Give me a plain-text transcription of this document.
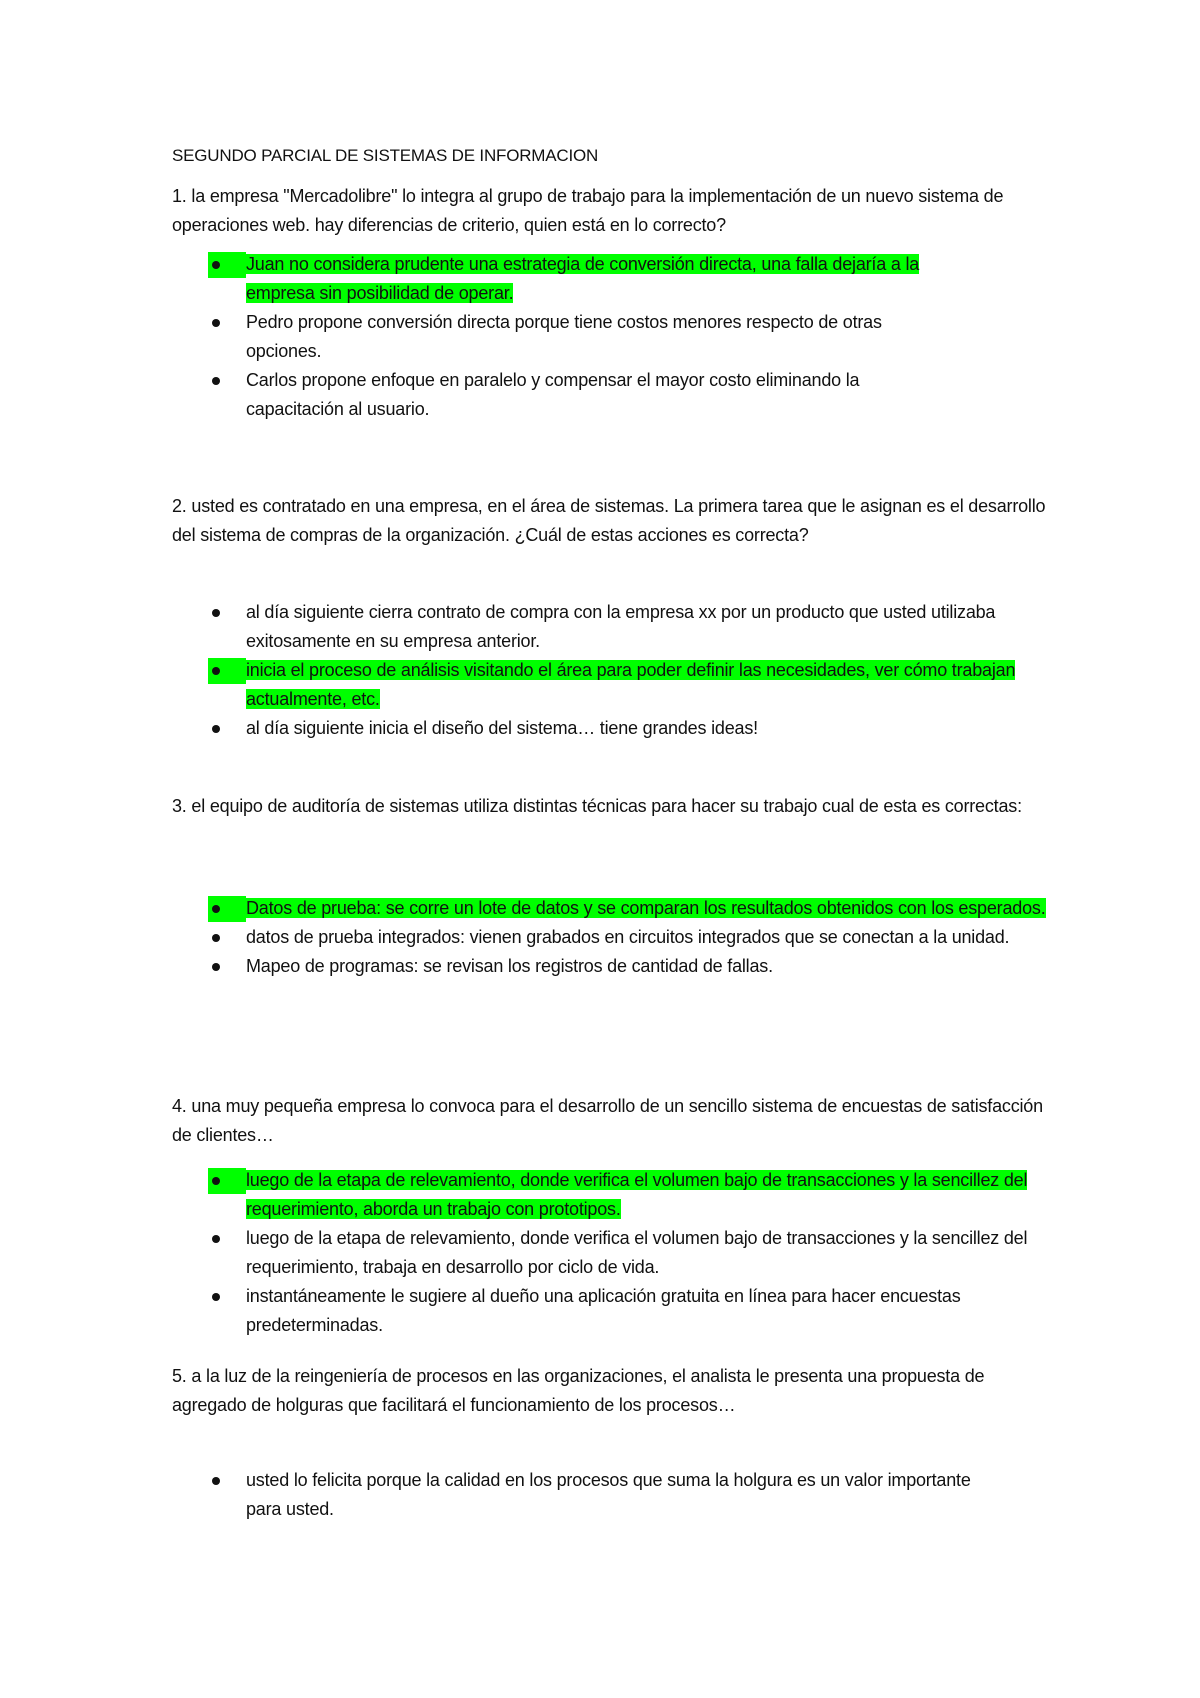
SEGUNDO PARCIAL DE SISTEMAS DE INFORMACION

1. la empresa "Mercadolibre" lo integra al grupo de trabajo para la implementación de un nuevo sistema de operaciones web. hay diferencias de criterio, quien está en lo correcto?

Juan no considera prudente una estrategia de conversión directa, una falla dejaría a la empresa sin posibilidad de operar.
Pedro propone conversión directa porque tiene costos menores respecto de otras opciones.
Carlos propone enfoque en paralelo y compensar el mayor costo eliminando la capacitación al usuario.

2. usted es contratado en una empresa, en el área de sistemas. La primera tarea que le asignan es el desarrollo del sistema de compras de la organización. ¿Cuál de estas acciones es correcta?

al día siguiente cierra contrato de compra con la empresa xx por un producto que usted utilizaba exitosamente en su empresa anterior.
inicia el proceso de análisis visitando el área para poder definir las necesidades, ver cómo trabajan actualmente, etc.
al día siguiente inicia el diseño del sistema… tiene grandes ideas!

3. el equipo de auditoría de sistemas utiliza distintas técnicas para hacer su trabajo cual de esta es correctas:

Datos de prueba: se corre un lote de datos y se comparan los resultados obtenidos con los esperados.
datos de prueba integrados: vienen grabados en circuitos integrados que se conectan a la unidad.
Mapeo de programas: se revisan los registros de cantidad de fallas.

4. una muy pequeña empresa lo convoca para el desarrollo de un sencillo sistema de encuestas de satisfacción de clientes…

luego de la etapa de relevamiento, donde verifica el volumen bajo de transacciones y la sencillez del requerimiento, aborda un trabajo con prototipos.
luego de la etapa de relevamiento, donde verifica el volumen bajo de transacciones y la sencillez del requerimiento, trabaja en desarrollo por ciclo de vida.
instantáneamente le sugiere al dueño una aplicación gratuita en línea para hacer encuestas predeterminadas.

5. a la luz de la reingeniería de procesos en las organizaciones, el analista le presenta una propuesta de agregado de holguras que facilitará el funcionamiento de los procesos…

usted lo felicita porque la calidad en los procesos que suma la holgura es un valor importante para usted.
